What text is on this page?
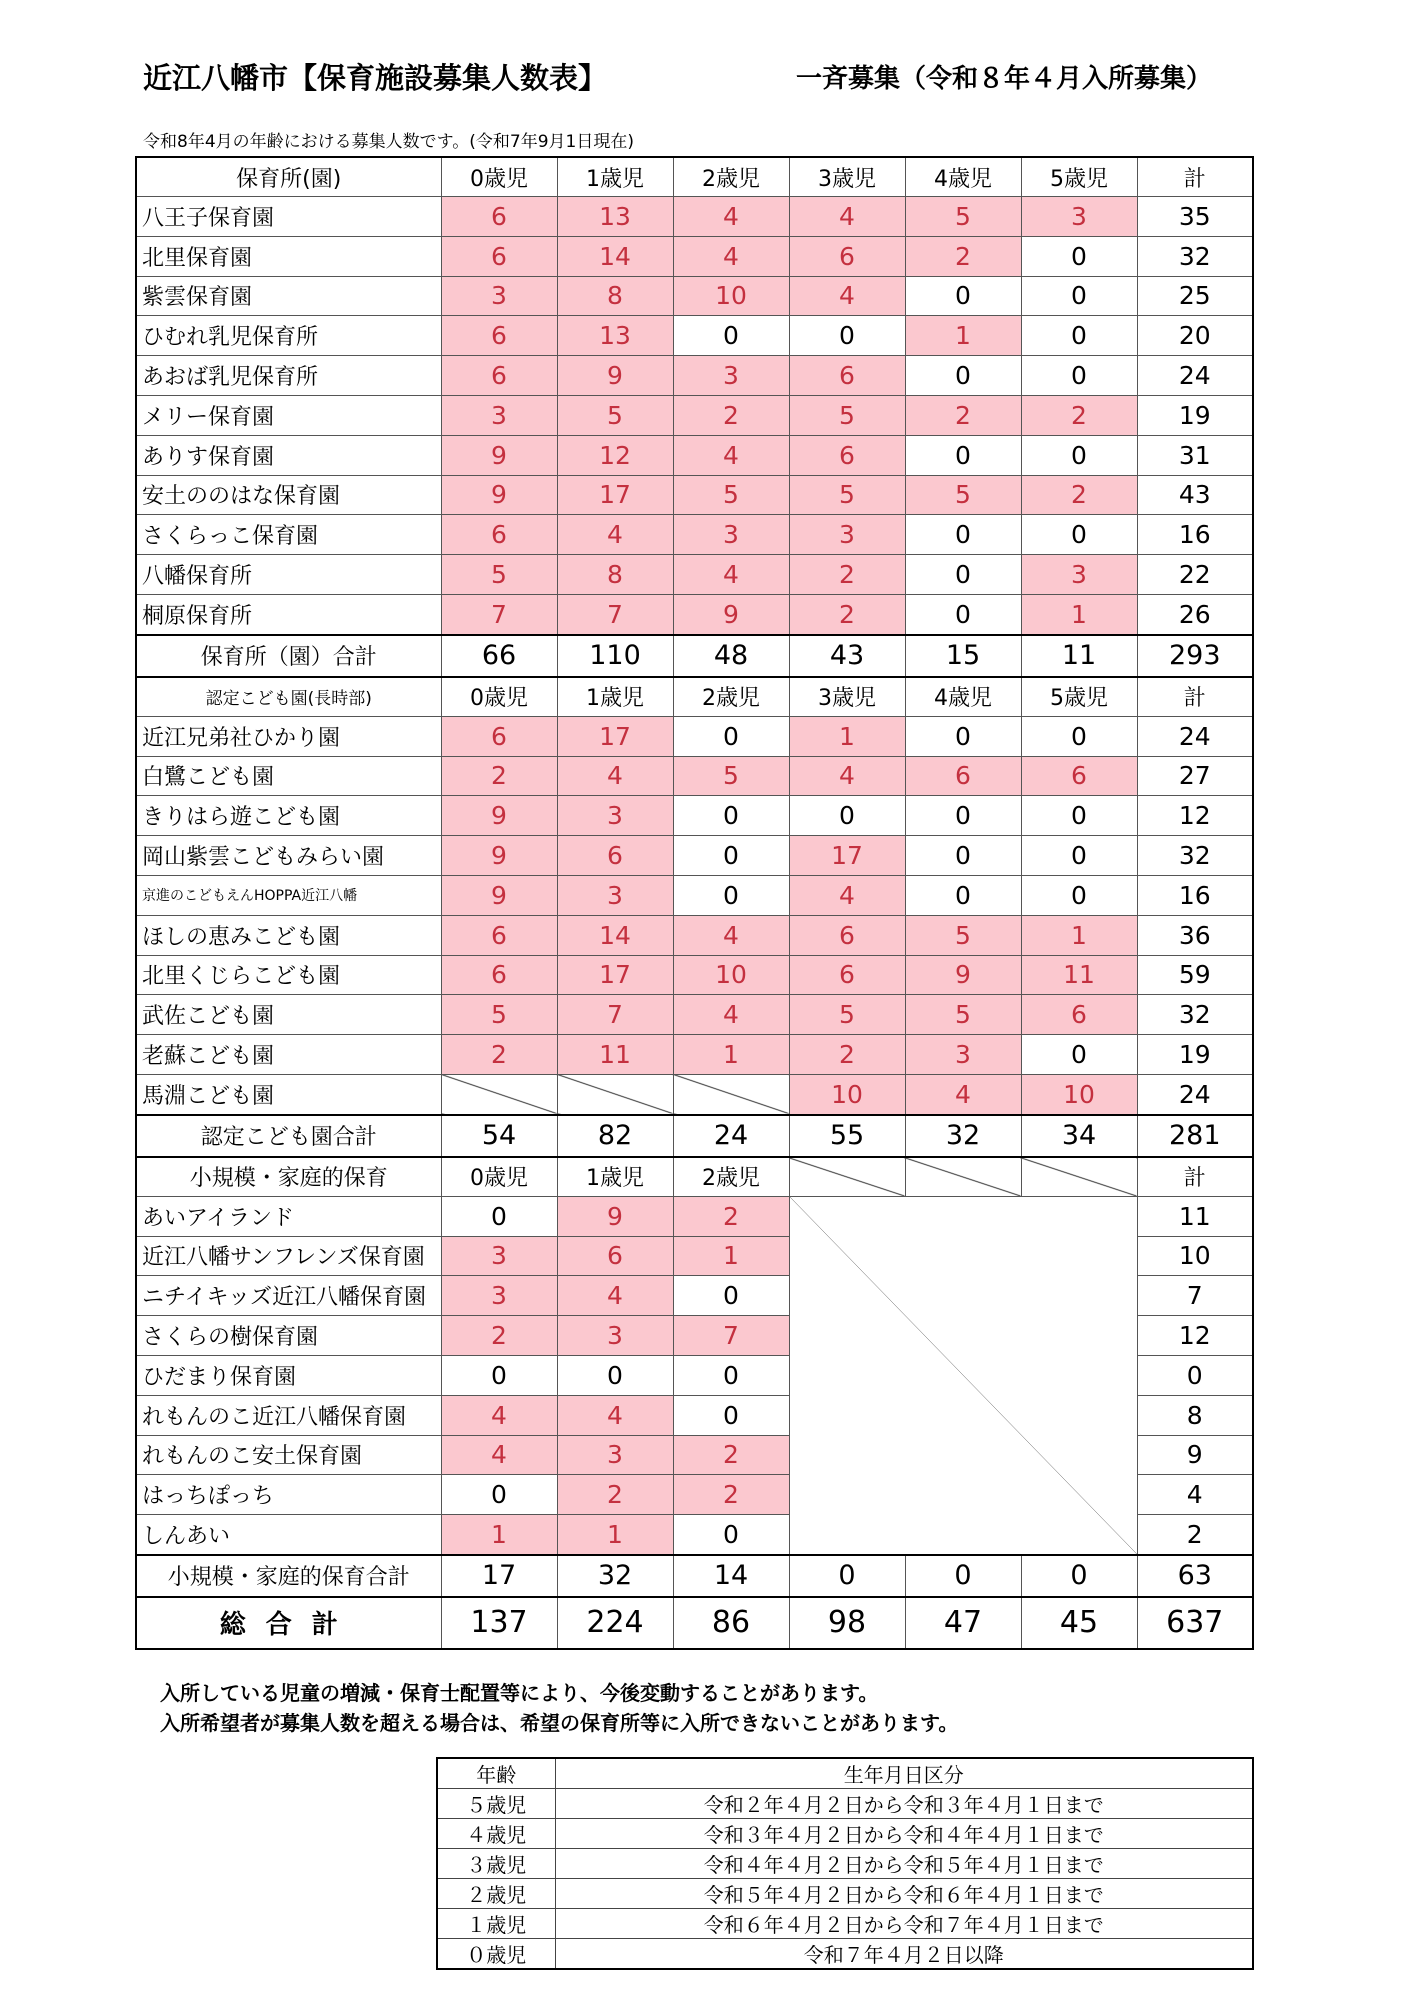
近江八幡市【保育施設募集人数表】	一斉募集（令和８年４月入所募集）
令和8年4月の年齢における募集人数です。(令和7年9月1日現在)
保育所(園)	0歳児	1歳児	2歳児	3歳児	4歳児	5歳児	計
八王子保育園	6	13	4	4	5	3	35
北里保育園	6	14	4	6	2	0	32
紫雲保育園	3	8	10	4	0	0	25
ひむれ乳児保育所	6	13	0	0	1	0	20
あおば乳児保育所	6	9	3	6	0	0	24
メリー保育園	3	5	2	5	2	2	19
ありす保育園	9	12	4	6	0	0	31
安土ののはな保育園	9	17	5	5	5	2	43
さくらっこ保育園	6	4	3	3	0	0	16
八幡保育所	5	8	4	2	0	3	22
桐原保育所	7	7	9	2	0	1	26
保育所（園）合計	66	110	48	43	15	11	293
認定こども園(長時部)	0歳児	1歳児	2歳児	3歳児	4歳児	5歳児	計
近江兄弟社ひかり園	6	17	0	1	0	0	24
白鷺こども園	2	4	5	4	6	6	27
きりはら遊こども園	9	3	0	0	0	0	12
岡山紫雲こどもみらい園	9	6	0	17	0	0	32
京進のこどもえんHOPPA近江八幡	9	3	0	4	0	0	16
ほしの恵みこども園	6	14	4	6	5	1	36
北里くじらこども園	6	17	10	6	9	11	59
武佐こども園	5	7	4	5	5	6	32
老蘇こども園	2	11	1	2	3	0	19
馬淵こども園				10	4	10	24
認定こども園合計	54	82	24	55	32	34	281
小規模・家庭的保育	0歳児	1歳児	2歳児				計
あいアイランド	0	9	2				11
近江八幡サンフレンズ保育園	3	6	1				10
ニチイキッズ近江八幡保育園	3	4	0				7
さくらの樹保育園	2	3	7				12
ひだまり保育園	0	0	0				0
れもんのこ近江八幡保育園	4	4	0				8
れもんのこ安土保育園	4	3	2				9
はっちぽっち	0	2	2				4
しんあい	1	1	0				2
小規模・家庭的保育合計	17	32	14	0	0	0	63
総合計	137	224	86	98	47	45	637
入所している児童の増減・保育士配置等により、今後変動することがあります。
入所希望者が募集人数を超える場合は、希望の保育所等に入所できないことがあります。
年齢	生年月日区分
５歳児	令和２年４月２日から令和３年４月１日まで
４歳児	令和３年４月２日から令和４年４月１日まで
３歳児	令和４年４月２日から令和５年４月１日まで
２歳児	令和５年４月２日から令和６年４月１日まで
１歳児	令和６年４月２日から令和７年４月１日まで
０歳児	令和７年４月２日以降
